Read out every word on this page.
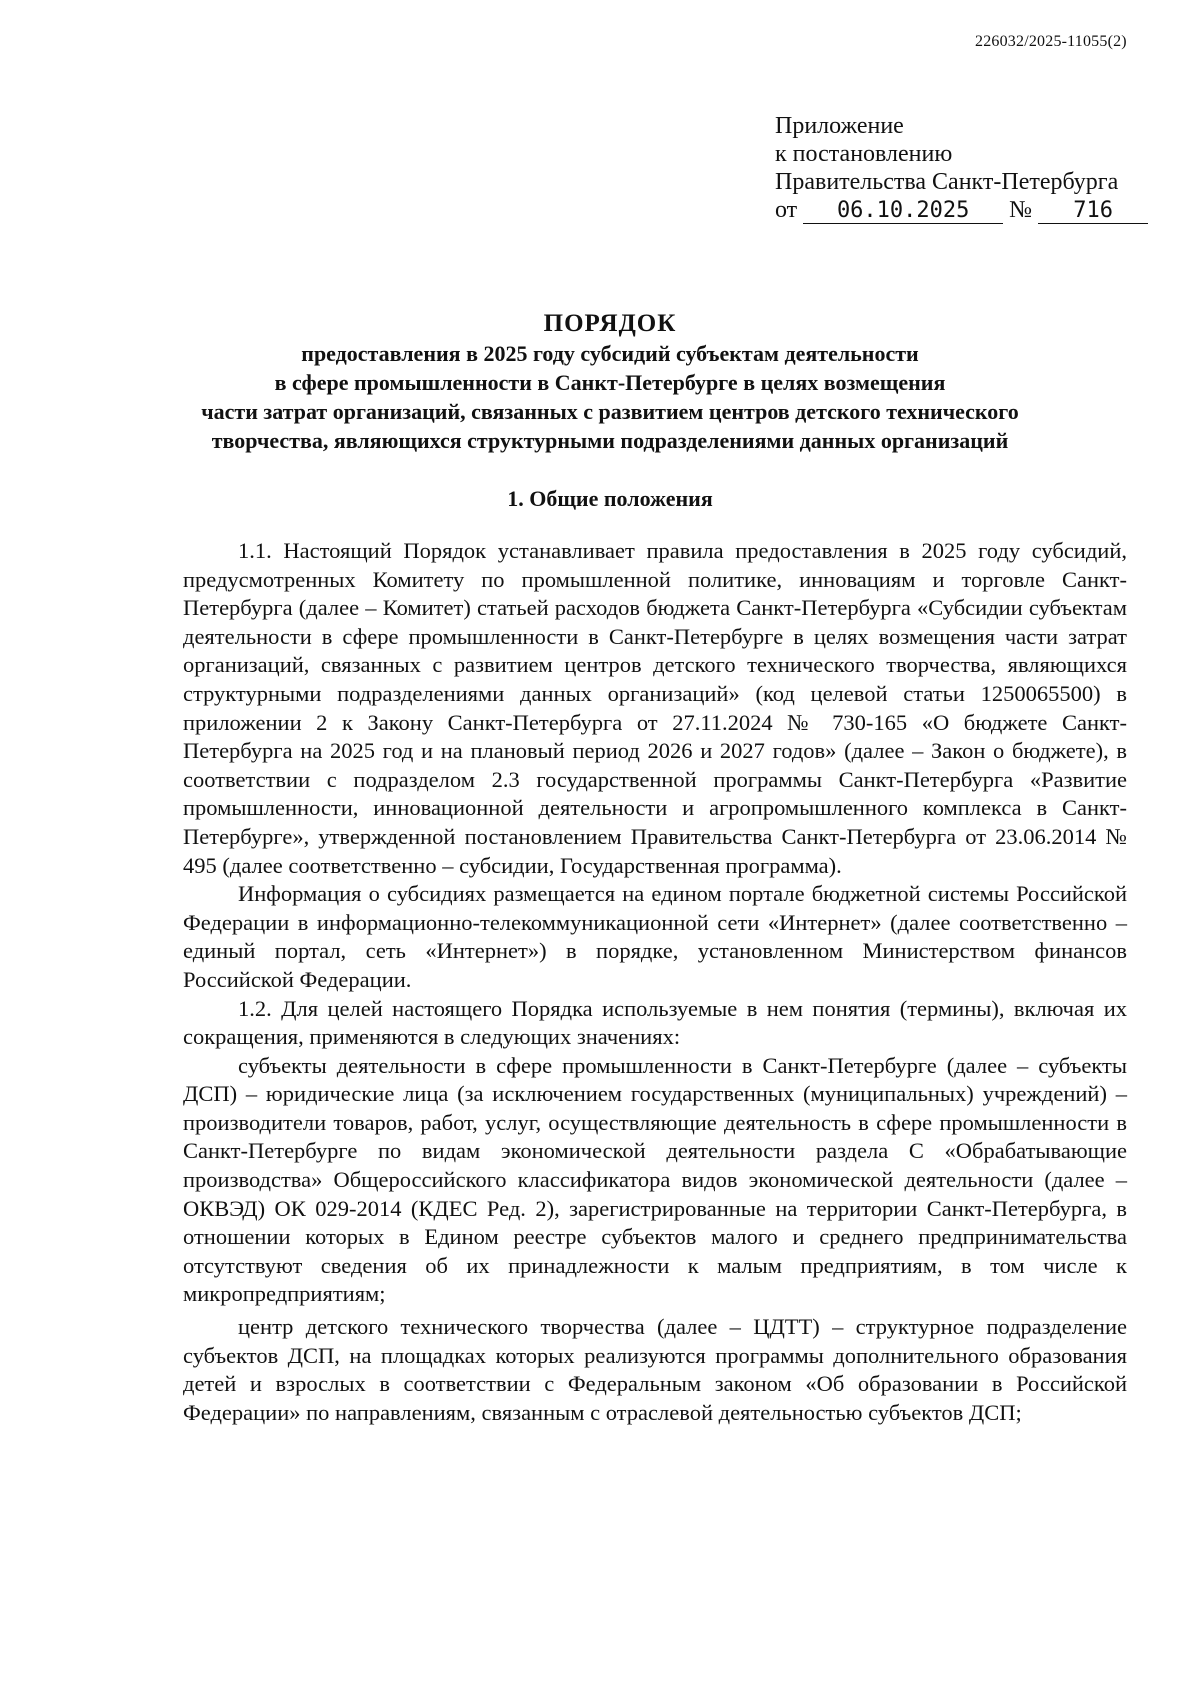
226032/2025-11055(2)
Приложение
к постановлению
Правительства Санкт-Петербурга
от 06.10.2025 № 716
ПОРЯДОК
предоставления в 2025 году субсидий субъектам деятельности
в сфере промышленности в Санкт-Петербурге в целях возмещения
части затрат организаций, связанных с развитием центров детского технического
творчества, являющихся структурными подразделениями данных организаций
1. Общие положения

1.1. Настоящий Порядок устанавливает правила предоставления в 2025 году субсидий, предусмотренных Комитету по промышленной политике, инновациям и торговле Санкт-Петербурга (далее – Комитет) статьей расходов бюджета Санкт-Петербурга «Субсидии субъектам деятельности в сфере промышленности в Санкт-Петербурге в целях возмещения части затрат организаций, связанных с развитием центров детского технического творчества, являющихся структурными подразделениями данных организаций» (код целевой статьи 1250065500) в приложении 2 к Закону Санкт-Петербурга от 27.11.2024 № 730-165 «О бюджете Санкт-Петербурга на 2025 год и на плановый период 2026 и 2027 годов» (далее – Закон о бюджете), в соответствии с подразделом 2.3 государственной программы Санкт-Петербурга «Развитие промышленности, инновационной деятельности и агропромышленного комплекса в Санкт-Петербурге», утвержденной постановлением Правительства Санкт-Петербурга от 23.06.2014 № 495 (далее соответственно – субсидии, Государственная программа).

Информация о субсидиях размещается на едином портале бюджетной системы Российской Федерации в информационно-телекоммуникационной сети «Интернет» (далее соответственно – единый портал, сеть «Интернет») в порядке, установленном Министерством финансов Российской Федерации.

1.2. Для целей настоящего Порядка используемые в нем понятия (термины), включая их сокращения, применяются в следующих значениях:

субъекты деятельности в сфере промышленности в Санкт-Петербурге (далее – субъекты ДСП) – юридические лица (за исключением государственных (муниципальных) учреждений) – производители товаров, работ, услуг, осуществляющие деятельность в сфере промышленности в Санкт-Петербурге по видам экономической деятельности раздела C «Обрабатывающие производства» Общероссийского классификатора видов экономической деятельности (далее – ОКВЭД) ОК 029-2014 (КДЕС Ред. 2), зарегистрированные на территории Санкт-Петербурга, в отношении которых в Едином реестре субъектов малого и среднего предпринимательства отсутствуют сведения об их принадлежности к малым предприятиям, в том числе к микропредприятиям;

центр детского технического творчества (далее – ЦДТТ) – структурное подразделение субъектов ДСП, на площадках которых реализуются программы дополнительного образования детей и взрослых в соответствии с Федеральным законом «Об образовании в Российской Федерации» по направлениям, связанным с отраслевой деятельностью субъектов ДСП;
